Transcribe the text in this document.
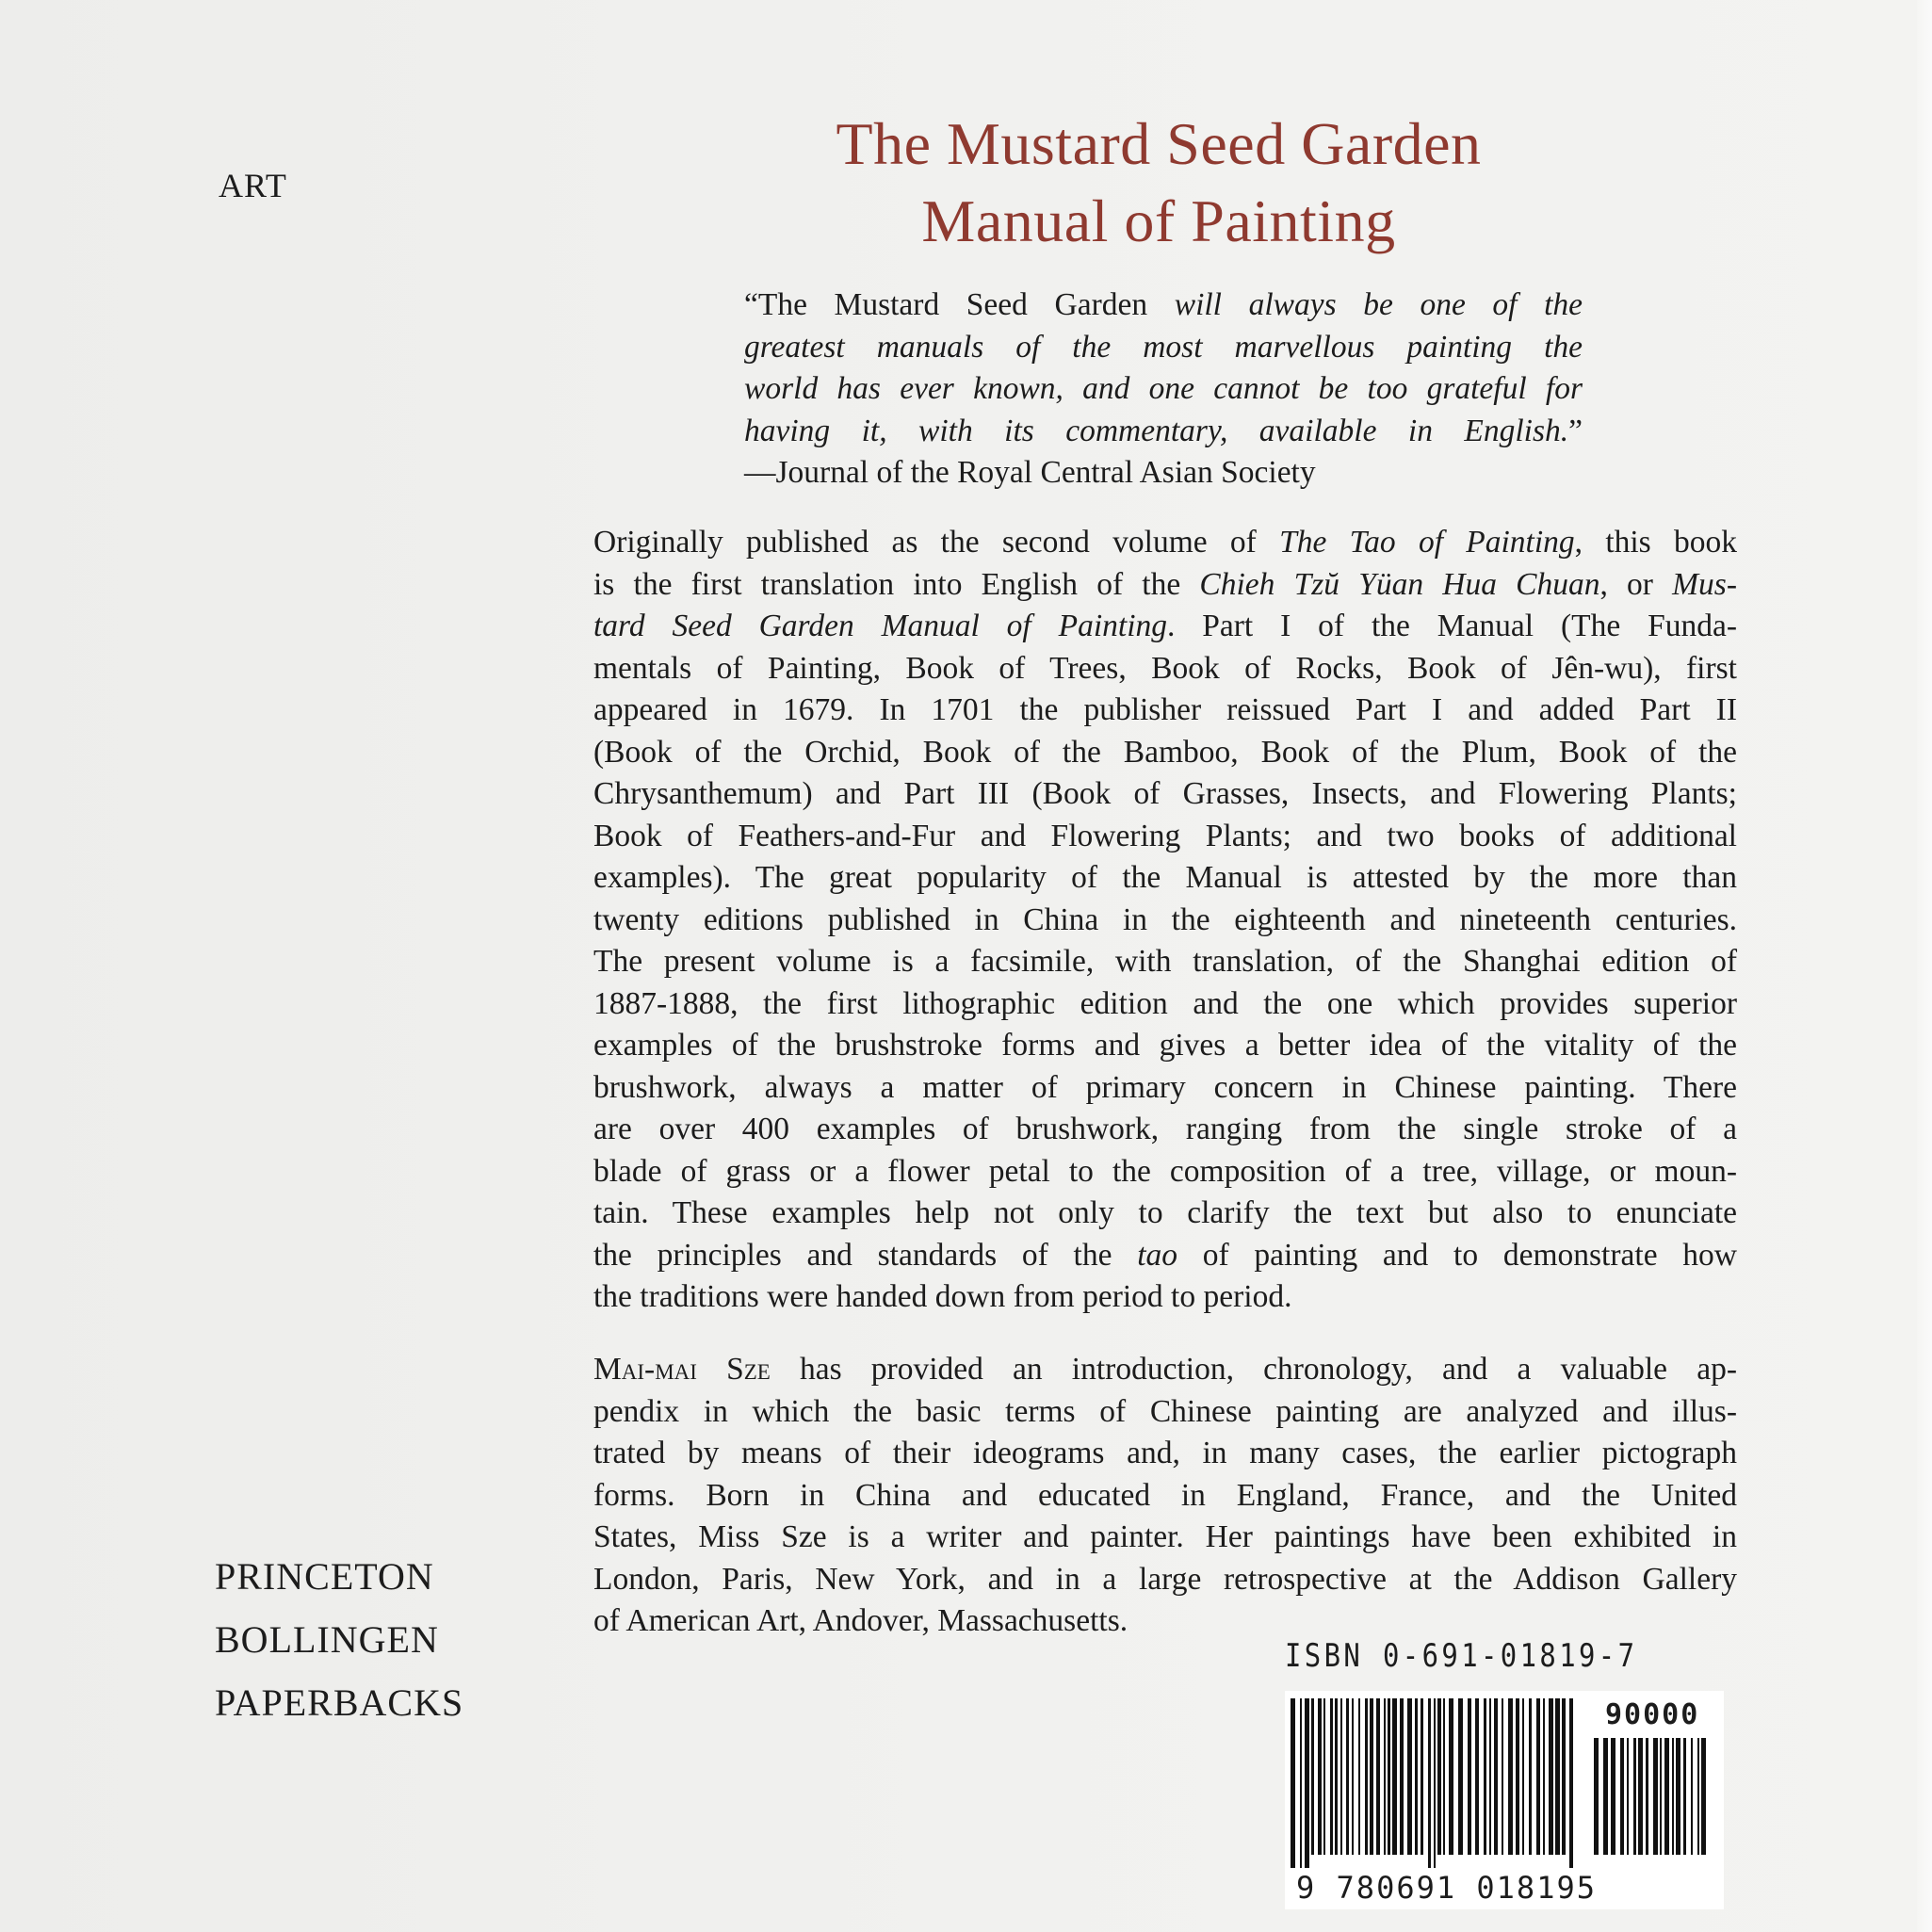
ART
The Mustard Seed Garden
Manual of Painting
“The Mustard Seed Garden will always be one of the
greatest manuals of the most marvellous painting the
world has ever known, and one cannot be too grateful for
having it, with its commentary, available in English.”
—Journal of the Royal Central Asian Society
Originally published as the second volume of The Tao of Painting, this book
is the first translation into English of the Chieh Tzŭ Yüan Hua Chuan, or Mus-
tard Seed Garden Manual of Painting. Part I of the Manual (The Funda-
mentals of Painting, Book of Trees, Book of Rocks, Book of Jên-wu), first
appeared in 1679. In 1701 the publisher reissued Part I and added Part II
(Book of the Orchid, Book of the Bamboo, Book of the Plum, Book of the
Chrysanthemum) and Part III (Book of Grasses, Insects, and Flowering Plants;
Book of Feathers-and-Fur and Flowering Plants; and two books of additional
examples). The great popularity of the Manual is attested by the more than
twenty editions published in China in the eighteenth and nineteenth centuries.
The present volume is a facsimile, with translation, of the Shanghai edition of
1887-1888, the first lithographic edition and the one which provides superior
examples of the brushstroke forms and gives a better idea of the vitality of the
brushwork, always a matter of primary concern in Chinese painting. There
are over 400 examples of brushwork, ranging from the single stroke of a
blade of grass or a flower petal to the composition of a tree, village, or moun-
tain. These examples help not only to clarify the text but also to enunciate
the principles and standards of the tao of painting and to demonstrate how
the traditions were handed down from period to period.
Mai-mai Sze has provided an introduction, chronology, and a valuable ap-
pendix in which the basic terms of Chinese painting are analyzed and illus-
trated by means of their ideograms and, in many cases, the earlier pictograph
forms. Born in China and educated in England, France, and the United
States, Miss Sze is a writer and painter. Her paintings have been exhibited in
London, Paris, New York, and in a large retrospective at the Addison Gallery
of American Art, Andover, Massachusetts.
PRINCETON
BOLLINGEN
PAPERBACKS
ISBN 0-691-01819-7
90000
9 780691 018195
